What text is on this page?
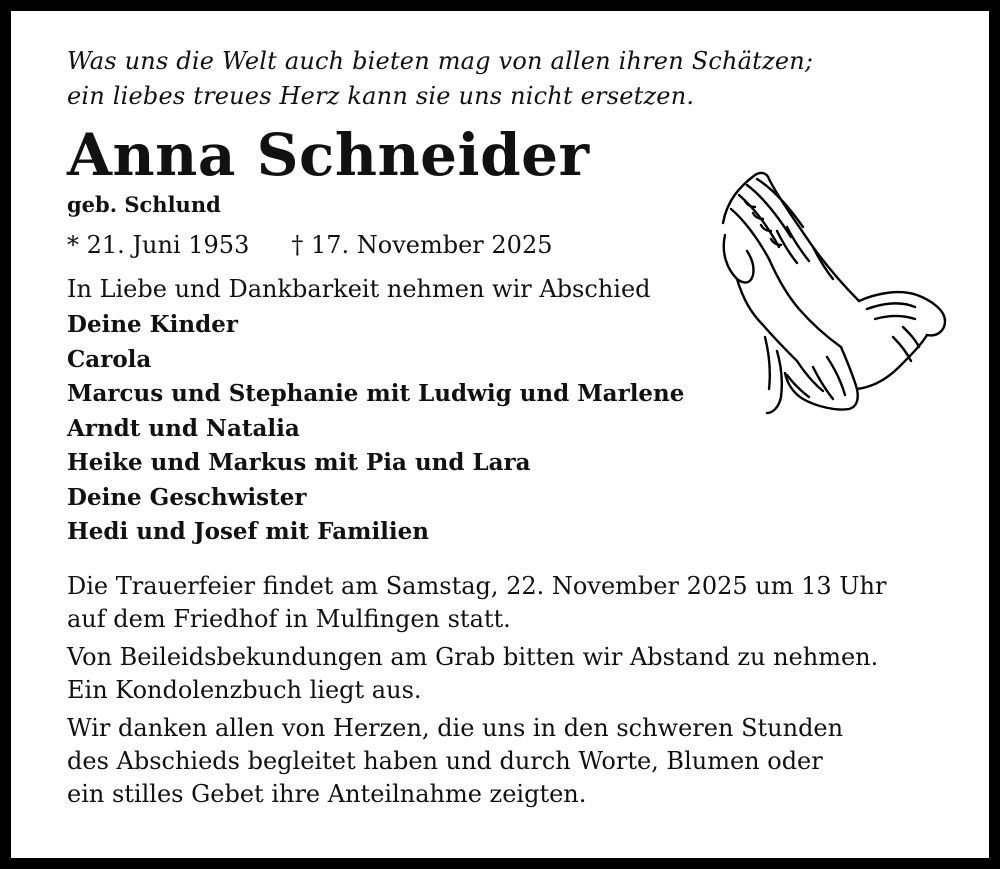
Was uns die Welt auch bieten mag von allen ihren Schätzen;
ein liebes treues Herz kann sie uns nicht ersetzen.

Anna Schneider
geb. Schlund
* 21. Juni 1953 † 17. November 2025
In Liebe und Dankbarkeit nehmen wir Abschied
Deine Kinder
Carola
Marcus und Stephanie mit Ludwig und Marlene
Arndt und Natalia
Heike und Markus mit Pia und Lara
Deine Geschwister
Hedi und Josef mit Familien

Die Trauerfeier findet am Samstag, 22. November 2025 um 13 Uhr
auf dem Friedhof in Mulfingen statt.

Von Beileidsbekundungen am Grab bitten wir Abstand zu nehmen.
Ein Kondolenzbuch liegt aus.

Wir danken allen von Herzen, die uns in den schweren Stunden
des Abschieds begleitet haben und durch Worte, Blumen oder
ein stilles Gebet ihre Anteilnahme zeigten.
